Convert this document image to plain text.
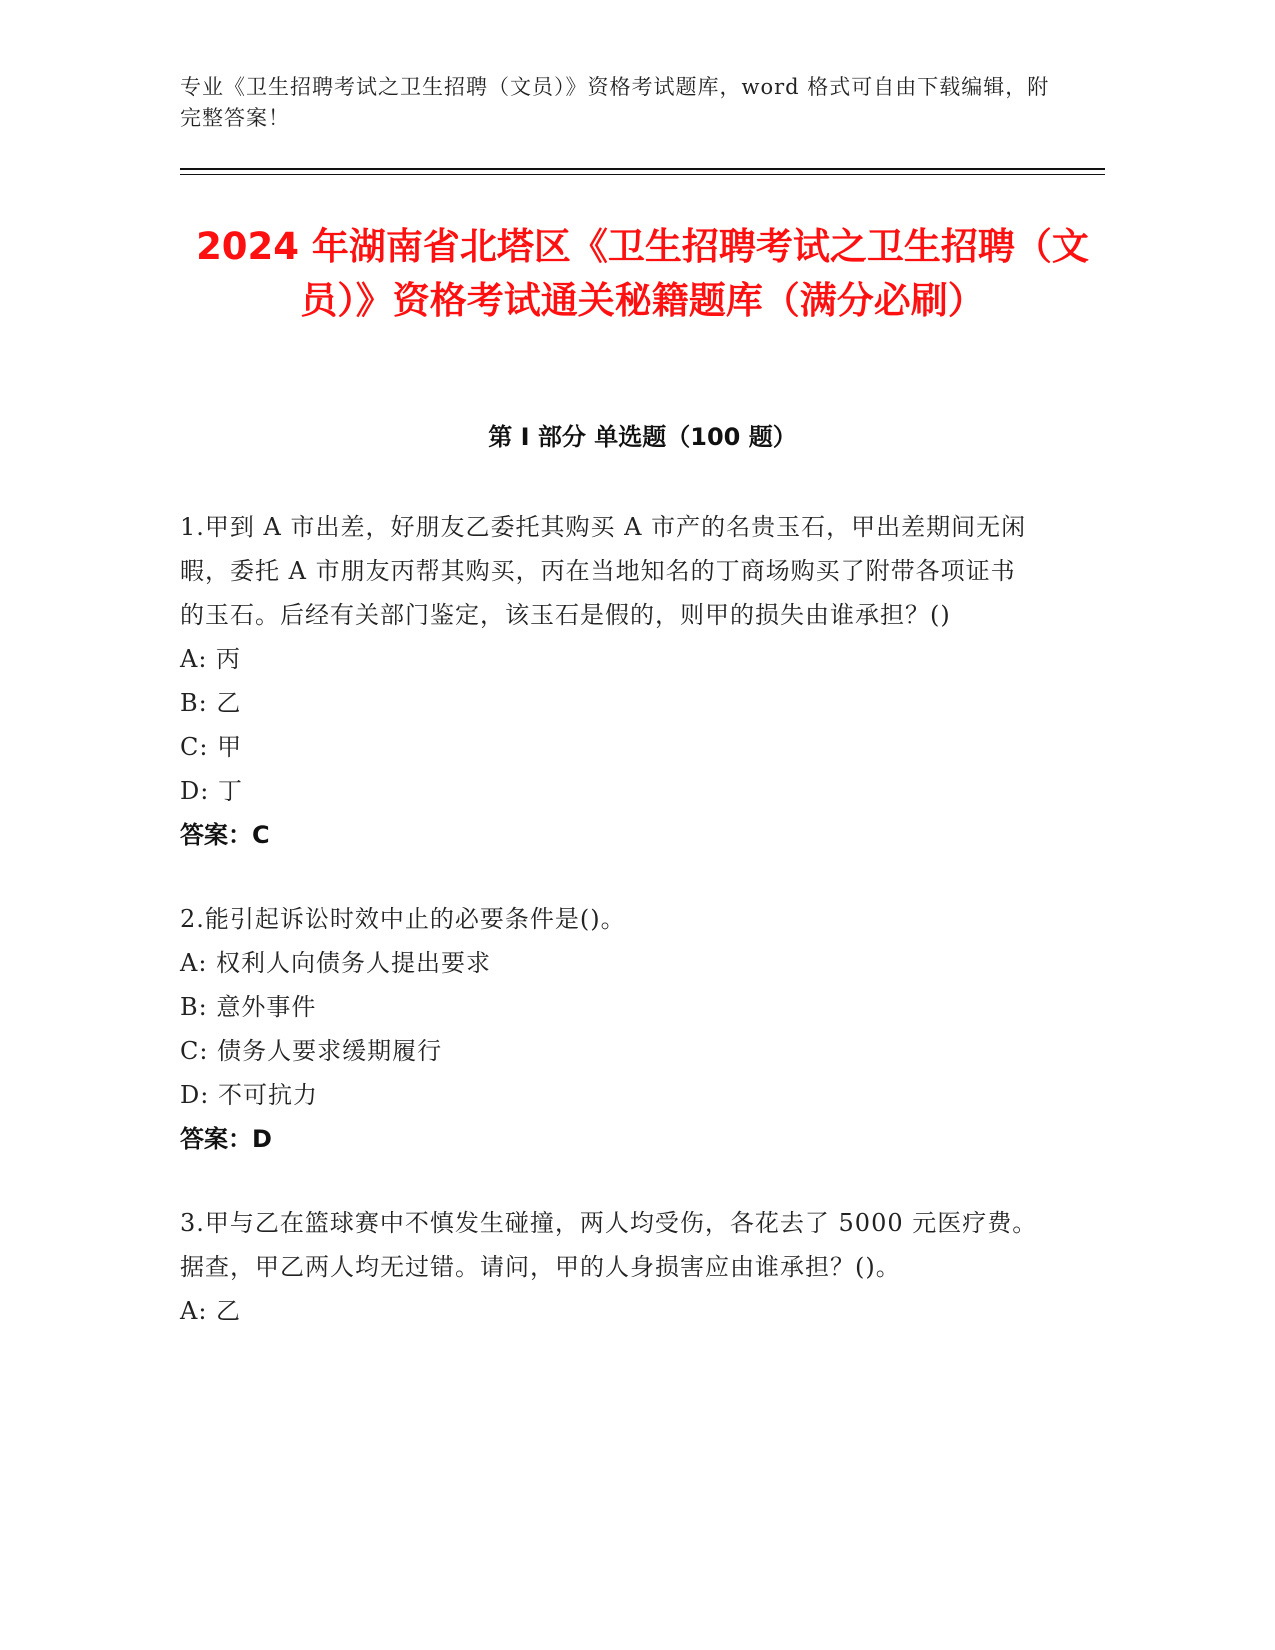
专业《卫生招聘考试之卫生招聘（文员）》资格考试题库，word 格式可自由下载编辑，附完整答案！
2024 年湖南省北塔区《卫生招聘考试之卫生招聘（文员）》资格考试通关秘籍题库（满分必刷）
第 I 部分 单选题（100 题）
1.甲到 A 市出差，好朋友乙委托其购买 A 市产的名贵玉石，甲出差期间无闲暇，委托 A 市朋友丙帮其购买，丙在当地知名的丁商场购买了附带各项证书的玉石。后经有关部门鉴定，该玉石是假的，则甲的损失由谁承担？()
A: 丙
B: 乙
C: 甲
D: 丁
答案：C
2.能引起诉讼时效中止的必要条件是()。
A: 权利人向债务人提出要求
B: 意外事件
C: 债务人要求缓期履行
D: 不可抗力
答案：D
3.甲与乙在篮球赛中不慎发生碰撞，两人均受伤，各花去了 5000 元医疗费。据查，甲乙两人均无过错。请问，甲的人身损害应由谁承担？()。
A: 乙
